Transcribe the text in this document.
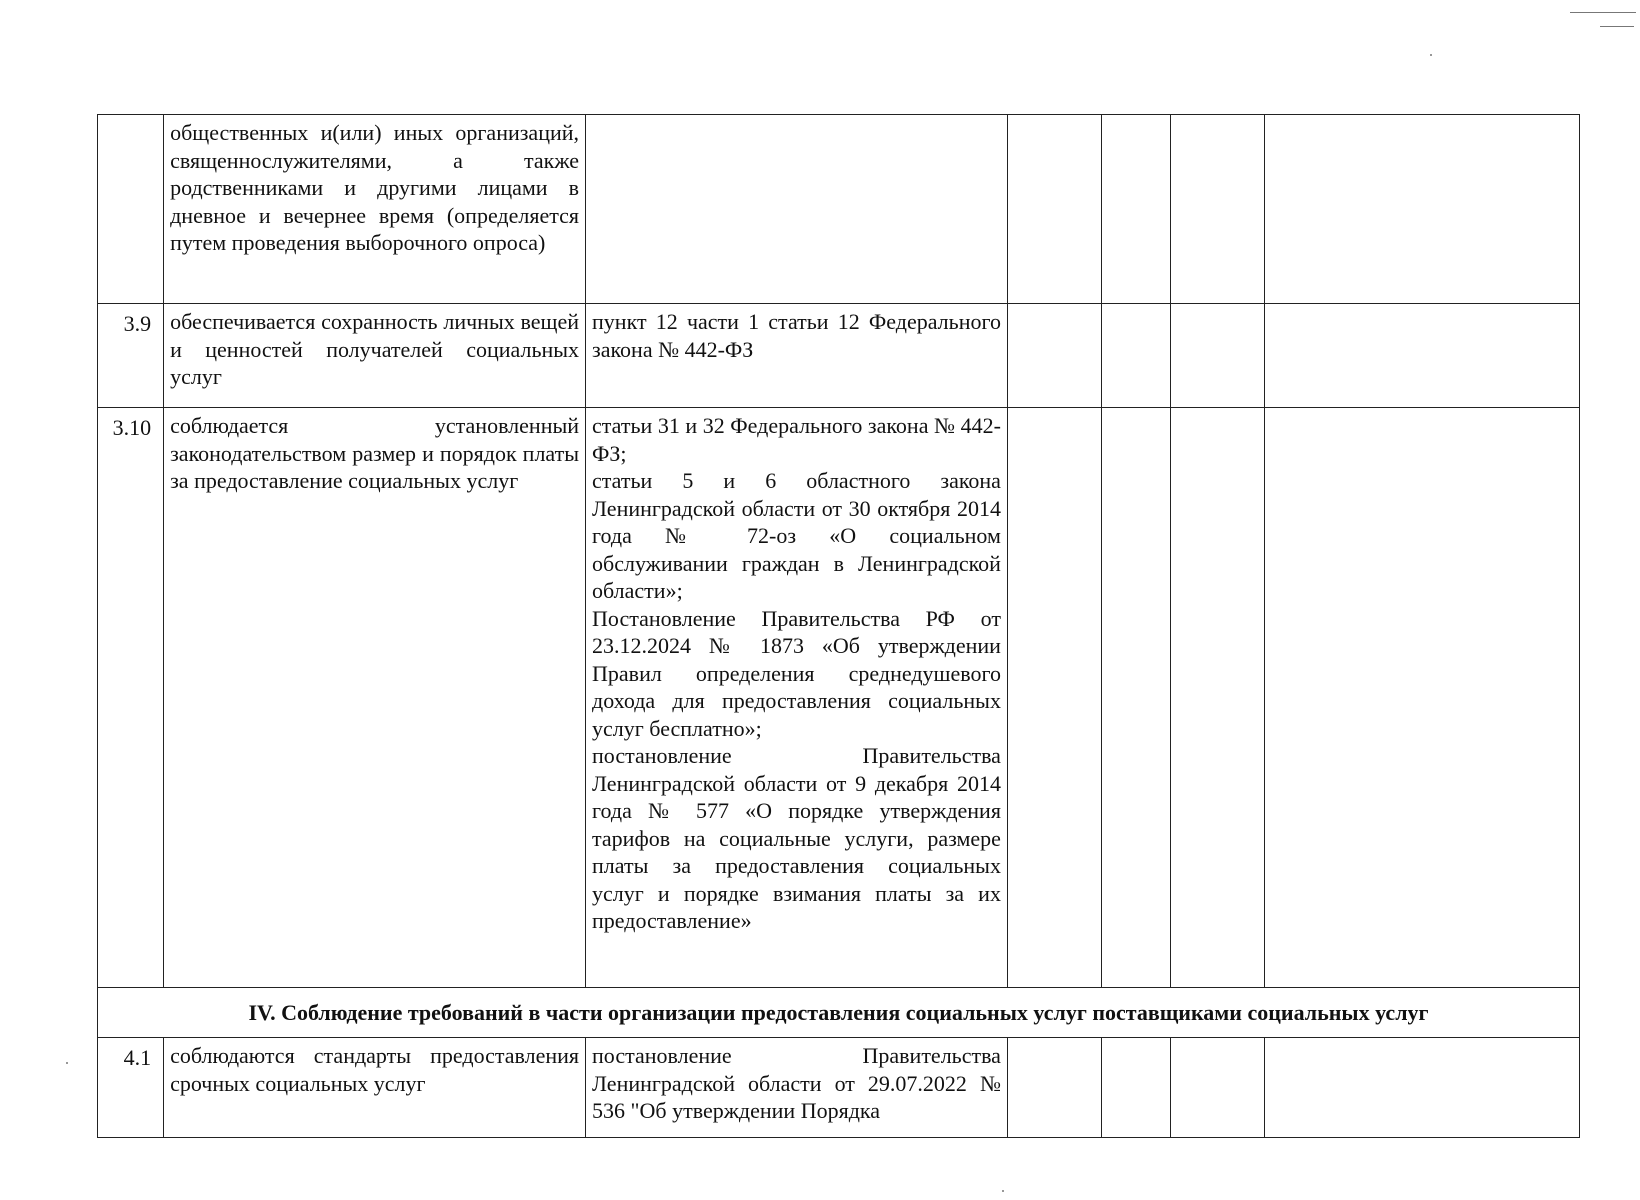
	общественных и(или) иных организаций, священнослужителями, а также родственниками и другими лицами в дневное и вечернее время (определяется путем проведения выборочного опроса)					
3.9	обеспечивается сохранность личных вещей и ценностей получателей социальных услуг	пункт 12 части 1 статьи 12 Федерального закона № 442-ФЗ				
3.10	соблюдается установленный законодательством размер и порядок платы за предоставление социальных услуг	статьи 31 и 32 Федерального закона № 442-ФЗ;
статьи 5 и 6 областного закона Ленинградской области от 30 октября 2014 года № 72-оз «О социальном обслуживании граждан в Ленинградской области»;
Постановление Правительства РФ от 23.12.2024 № 1873 «Об утверждении Правил определения среднедушевого дохода для предоставления социальных услуг бесплатно»;
постановление Правительства Ленинградской области от 9 декабря 2014 года № 577 «О порядке утверждения тарифов на социальные услуги, размере платы за предоставления социальных услуг и порядке взимания платы за их предоставление»				

IV. Соблюдение требований в части организации предоставления социальных услуг поставщиками социальных услуг						
4.1	соблюдаются стандарты предоставления срочных социальных услуг	постановление Правительства Ленинградской области от 29.07.2022 № 536 "Об утверждении Порядка				
